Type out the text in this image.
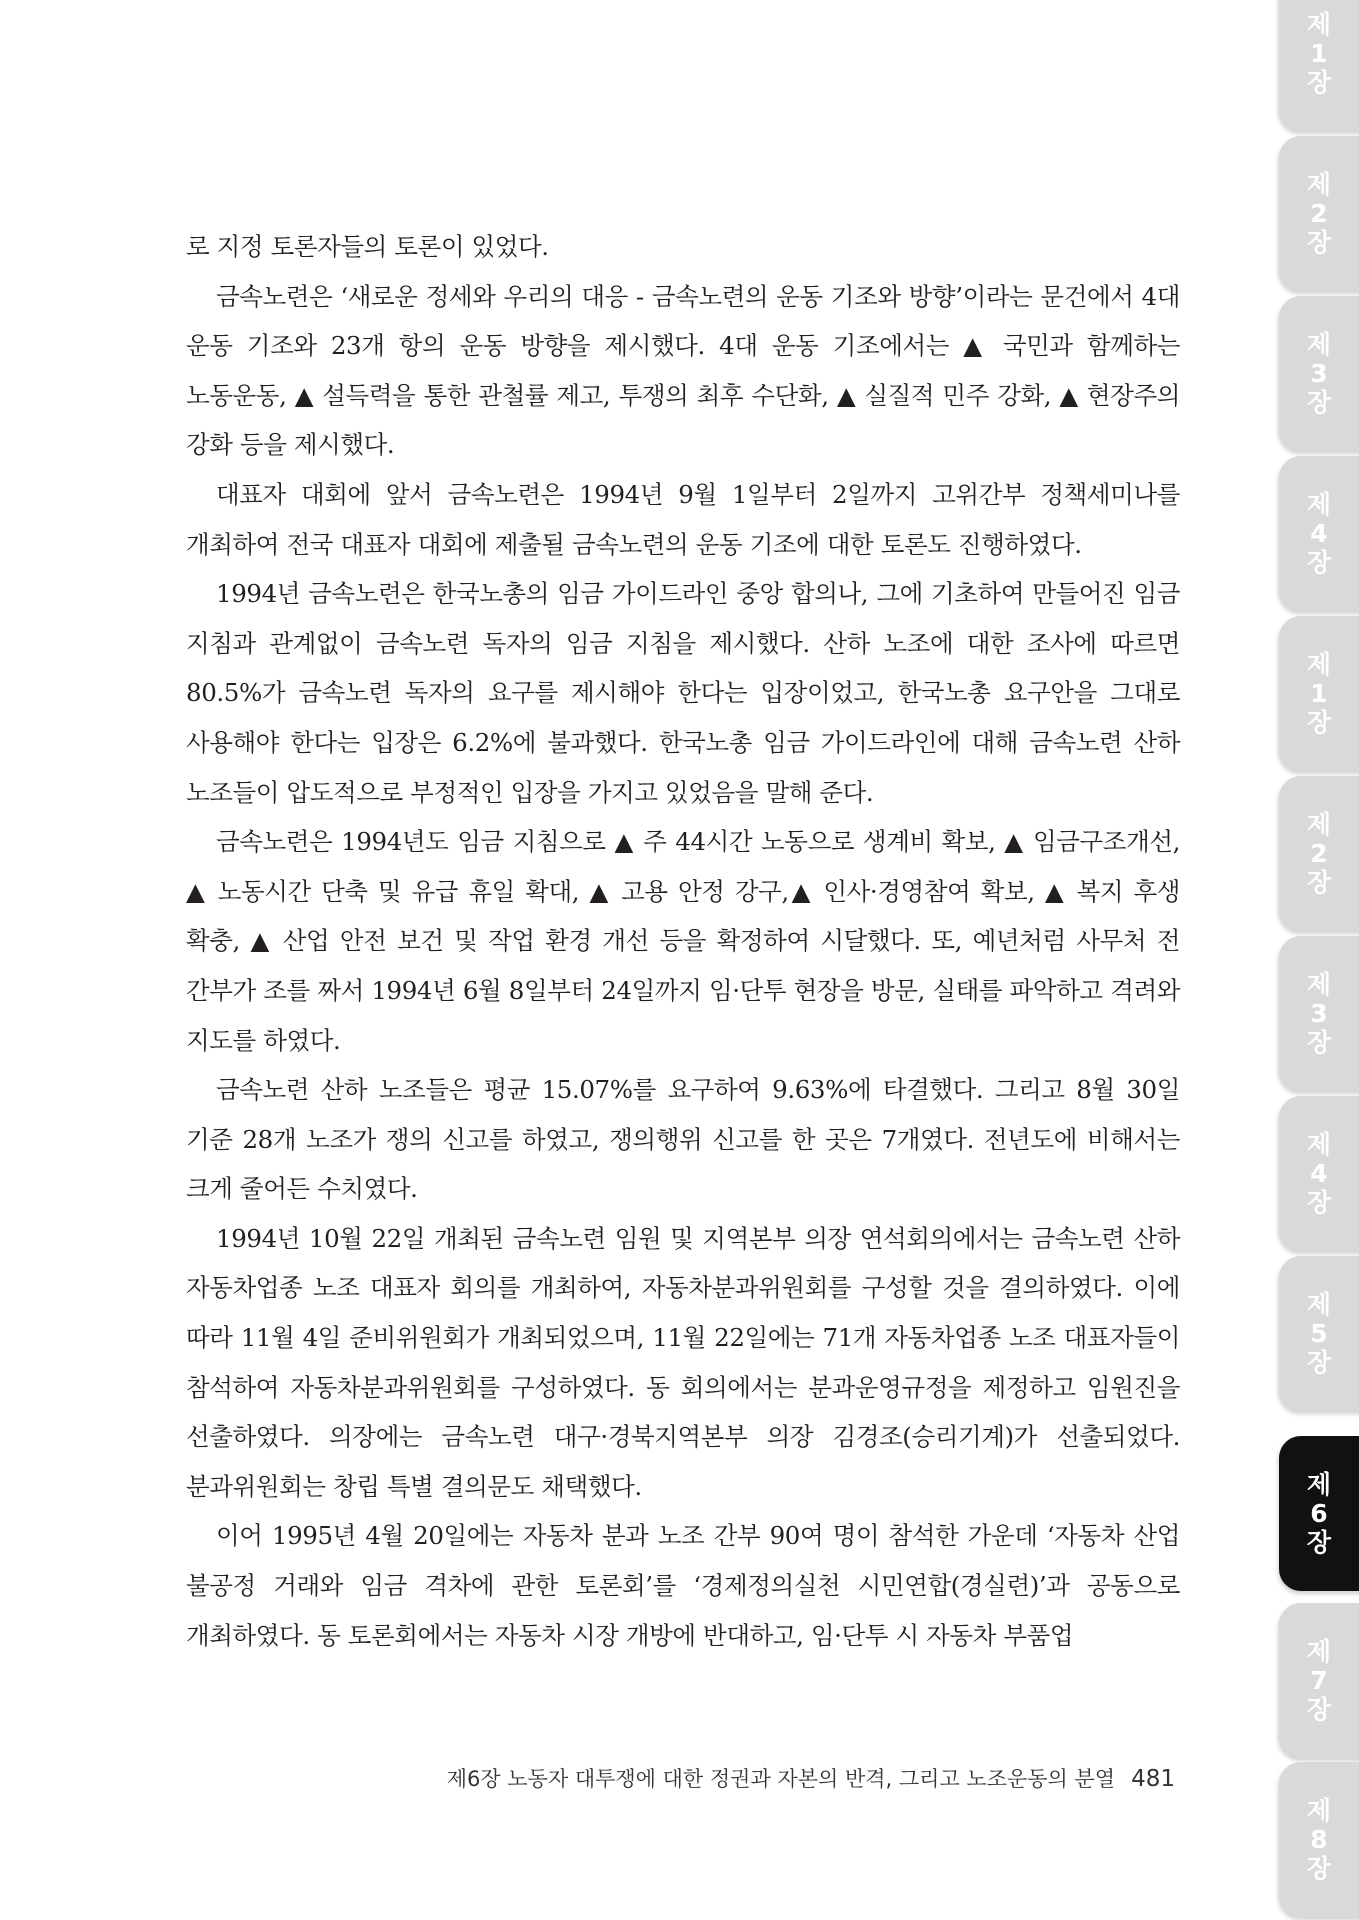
로 지정 토론자들의 토론이 있었다.

금속노련은 ‘새로운 정세와 우리의 대응 - 금속노련의 운동 기조와 방향’이라는 문건에서 4대 운동 기조와 23개 항의 운동 방향을 제시했다. 4대 운동 기조에서는 ▲ 국민과 함께하는 노동운동, ▲ 설득력을 통한 관철률 제고, 투쟁의 최후 수단화, ▲ 실질적 민주 강화, ▲ 현장주의 강화 등을 제시했다.

대표자 대회에 앞서 금속노련은 1994년 9월 1일부터 2일까지 고위간부 정책세미나를 개최하여 전국 대표자 대회에 제출될 금속노련의 운동 기조에 대한 토론도 진행하였다.

1994년 금속노련은 한국노총의 임금 가이드라인 중앙 합의나, 그에 기초하여 만들어진 임금 지침과 관계없이 금속노련 독자의 임금 지침을 제시했다. 산하 노조에 대한 조사에 따르면 80.5%가 금속노련 독자의 요구를 제시해야 한다는 입장이었고, 한국노총 요구안을 그대로 사용해야 한다는 입장은 6.2%에 불과했다. 한국노총 임금 가이드라인에 대해 금속노련 산하 노조들이 압도적으로 부정적인 입장을 가지고 있었음을 말해 준다.

금속노련은 1994년도 임금 지침으로 ▲ 주 44시간 노동으로 생계비 확보, ▲ 임금구조개선, ▲ 노동시간 단축 및 유급 휴일 확대, ▲ 고용 안정 강구,▲ 인사·경영참여 확보, ▲ 복지 후생 확충, ▲ 산업 안전 보건 및 작업 환경 개선 등을 확정하여 시달했다. 또, 예년처럼 사무처 전 간부가 조를 짜서 1994년 6월 8일부터 24일까지 임·단투 현장을 방문, 실태를 파악하고 격려와 지도를 하였다.

금속노련 산하 노조들은 평균 15.07%를 요구하여 9.63%에 타결했다. 그리고 8월 30일 기준 28개 노조가 쟁의 신고를 하였고, 쟁의행위 신고를 한 곳은 7개였다. 전년도에 비해서는 크게 줄어든 수치였다.

1994년 10월 22일 개최된 금속노련 임원 및 지역본부 의장 연석회의에서는 금속노련 산하 자동차업종 노조 대표자 회의를 개최하여, 자동차분과위원회를 구성할 것을 결의하였다. 이에 따라 11월 4일 준비위원회가 개최되었으며, 11월 22일에는 71개 자동차업종 노조 대표자들이 참석하여 자동차분과위원회를 구성하였다. 동 회의에서는 분과운영규정을 제정하고 임원진을 선출하였다. 의장에는 금속노련 대구·경북지역본부 의장 김경조(승리기계)가 선출되었다. 분과위원회는 창립 특별 결의문도 채택했다.

이어 1995년 4월 20일에는 자동차 분과 노조 간부 90여 명이 참석한 가운데 ‘자동차 산업 불공정 거래와 임금 격차에 관한 토론회’를 ‘경제정의실천 시민연합(경실련)’과 공동으로 개최하였다. 동 토론회에서는 자동차 시장 개방에 반대하고, 임·단투 시 자동차 부품업

제6장 노동자 대투쟁에 대한 정권과 자본의 반격, 그리고 노조운동의 분열 481
제
1
장
제
2
장
제
3
장
제
4
장
제
1
장
제
2
장
제
3
장
제
4
장
제
5
장
제
6
장
제
7
장
제
8
장
